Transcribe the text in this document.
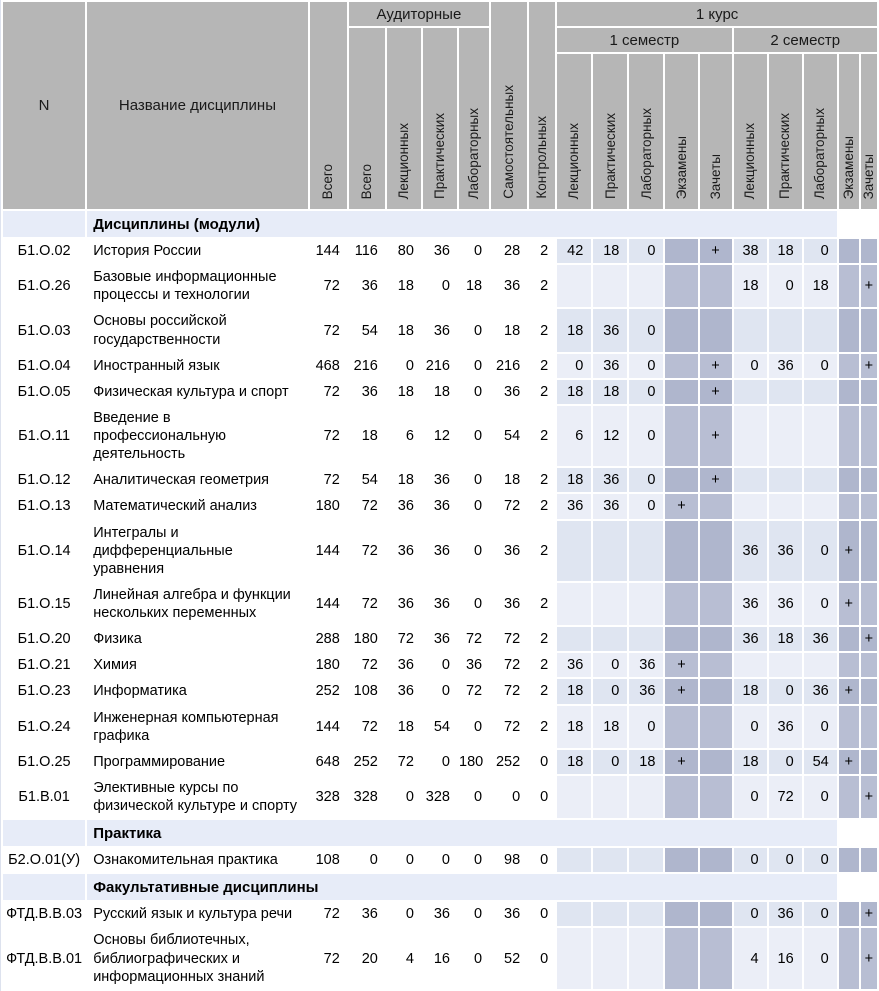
N	Название дисциплины	Всего	Аудиторные				Самостоятельных	Контрольных	1 курс									
			Всего	Лекционных	Практических	Лабораторных			1 семестр					2 семестр				
									Лекционных	Практических	Лабораторных	Экзамены	Зачеты	Лекционных	Практических	Лабораторных	Экзамены	Зачеты
	Дисциплины (модули)																	
Б1.О.02	История России	144	116	80	36	0	28	2	42	18	0		+	38	18	0		
Б1.О.26	Базовые информационные процессы и технологии	72	36	18	0	18	36	2						18	0	18		+
Б1.О.03	Основы российской государственности	72	54	18	36	0	18	2	18	36	0							
Б1.О.04	Иностранный язык	468	216	0	216	0	216	2	0	36	0		+	0	36	0		+
Б1.О.05	Физическая культура и спорт	72	36	18	18	0	36	2	18	18	0		+					
Б1.О.11	Введение в профессиональную деятельность	72	18	6	12	0	54	2	6	12	0		+					
Б1.О.12	Аналитическая геометрия	72	54	18	36	0	18	2	18	36	0		+					
Б1.О.13	Математический анализ	180	72	36	36	0	72	2	36	36	0	+						
Б1.О.14	Интегралы и дифференциальные уравнения	144	72	36	36	0	36	2						36	36	0	+	
Б1.О.15	Линейная алгебра и функции нескольких переменных	144	72	36	36	0	36	2						36	36	0	+	
Б1.О.20	Физика	288	180	72	36	72	72	2						36	18	36		+
Б1.О.21	Химия	180	72	36	0	36	72	2	36	0	36	+						
Б1.О.23	Информатика	252	108	36	0	72	72	2	18	0	36	+		18	0	36	+	
Б1.О.24	Инженерная компьютерная графика	144	72	18	54	0	72	2	18	18	0			0	36	0		
Б1.О.25	Программирование	648	252	72	0	180	252	0	18	0	18	+		18	0	54	+	
Б1.В.01	Элективные курсы по физической культуре и спорту	328	328	0	328	0	0	0						0	72	0		+
	Практика																	
Б2.О.01(У)	Ознакомительная практика	108	0	0	0	0	98	0						0	0	0		
	Факультативные дисциплины																	
ФТД.В.В.03	Русский язык и культура речи	72	36	0	36	0	36	0						0	36	0		+
ФТД.В.В.01	Основы библиотечных, библиографических и информационных знаний	72	20	4	16	0	52	0						4	16	0		+
